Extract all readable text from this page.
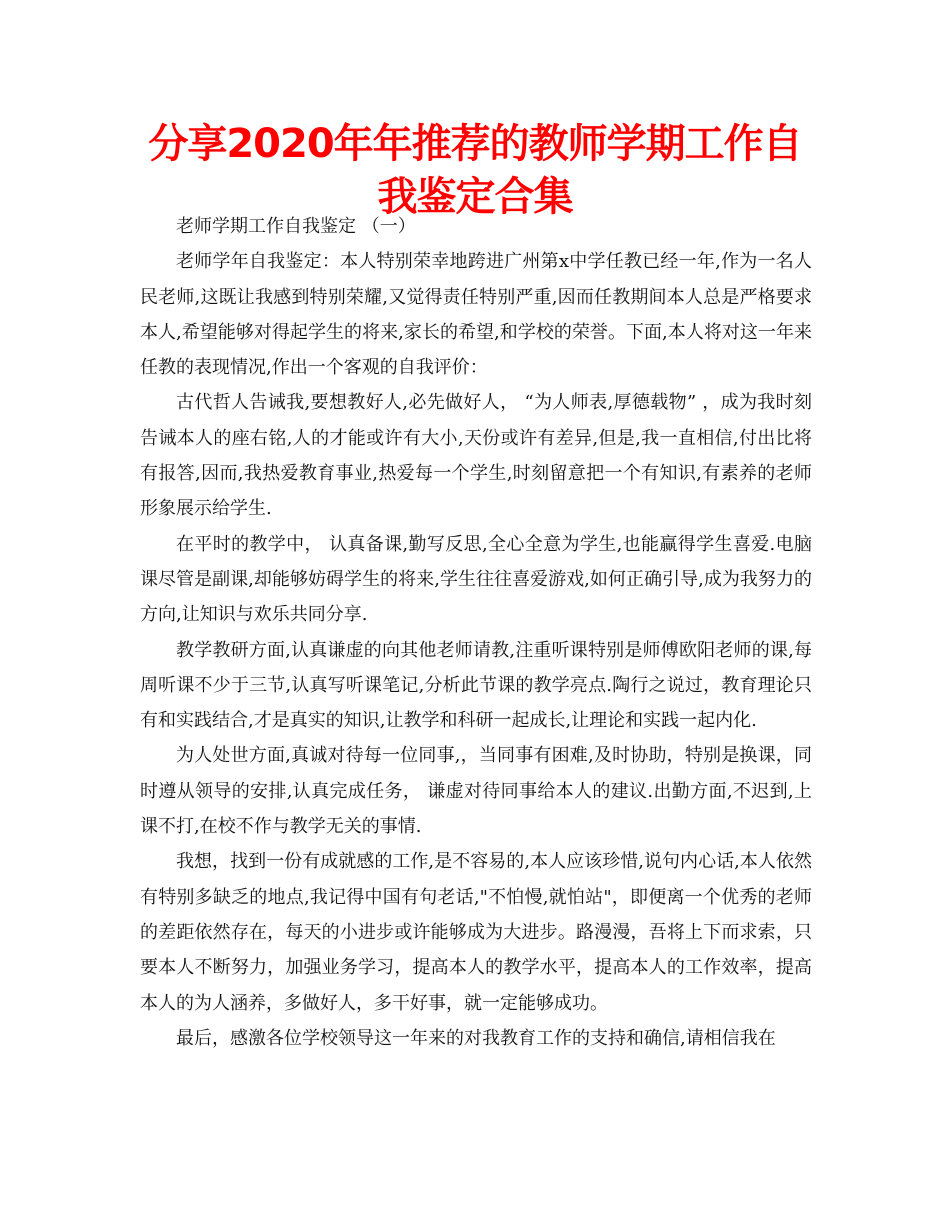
分享2020年年推荐的教师学期工作自我鉴定合集

老师学期工作自我鉴定 （一）

老师学年自我鉴定：本人特别荣幸地跨进广州第x中学任教已经一年,作为一名人民老师,这既让我感到特别荣耀,又觉得责任特别严重,因而任教期间本人总是严格要求本人,希望能够对得起学生的将来,家长的希望,和学校的荣誉。下面,本人将对这一年来任教的表现情况,作出一个客观的自我评价：

古代哲人告诫我,要想教好人,必先做好人， “为人师表,厚德载物” ，成为我时刻告诫本人的座右铭,人的才能或许有大小,天份或许有差异,但是,我一直相信,付出比将有报答,因而,我热爱教育事业,热爱每一个学生,时刻留意把一个有知识,有素养的老师形象展示给学生.

在平时的教学中， 认真备课,勤写反思,全心全意为学生,也能赢得学生喜爱.电脑课尽管是副课,却能够妨碍学生的将来,学生往往喜爱游戏,如何正确引导,成为我努力的方向,让知识与欢乐共同分享.

教学教研方面,认真谦虚的向其他老师请教,注重听课特别是师傅欧阳老师的课,每周听课不少于三节,认真写听课笔记,分析此节课的教学亮点.陶行之说过，教育理论只有和实践结合,才是真实的知识,让教学和科研一起成长,让理论和实践一起内化.

为人处世方面,真诚对待每一位同事,，当同事有困难,及时协助，特别是换课，同时遵从领导的安排,认真完成任务， 谦虚对待同事给本人的建议.出勤方面,不迟到,上课不打,在校不作与教学无关的事情.

我想，找到一份有成就感的工作,是不容易的,本人应该珍惜,说句内心话,本人依然有特别多缺乏的地点,我记得中国有句老话,"不怕慢,就怕站"，即便离一个优秀的老师的差距依然存在，每天的小进步或许能够成为大进步。路漫漫，吾将上下而求索，只要本人不断努力，加强业务学习，提高本人的教学水平，提高本人的工作效率，提高本人的为人涵养，多做好人，多干好事，就一定能够成功。

最后，感激各位学校领导这一年来的对我教育工作的支持和确信,请相信我在
